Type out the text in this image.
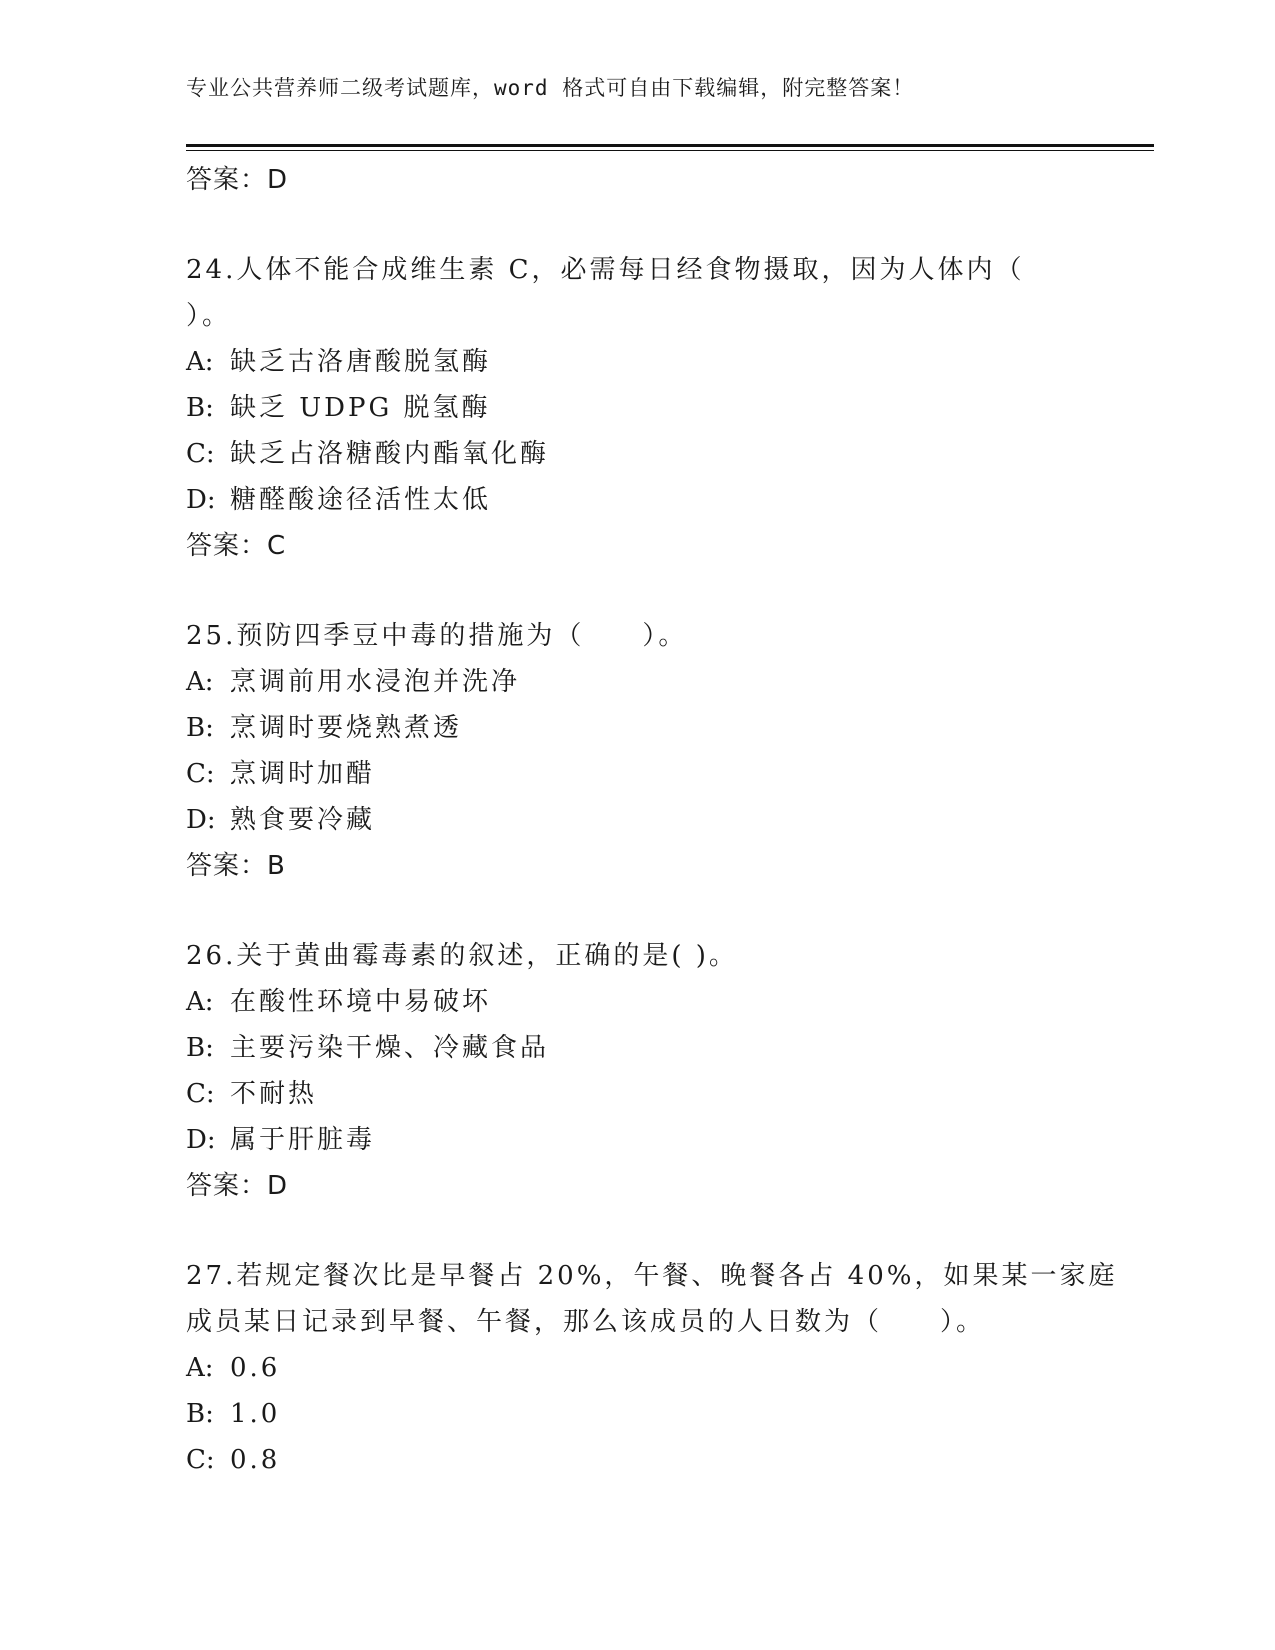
专业公共营养师二级考试题库，word 格式可自由下载编辑，附完整答案！
答案：D
24.人体不能合成维生素 C，必需每日经食物摄取，因为人体内（
）。
A: 缺乏古洛唐酸脱氢酶
B: 缺乏 UDPG 脱氢酶
C: 缺乏占洛糖酸内酯氧化酶
D: 糖醛酸途径活性太低
答案：C
25.预防四季豆中毒的措施为（　　）。
A: 烹调前用水浸泡并洗净
B: 烹调时要烧熟煮透
C: 烹调时加醋
D: 熟食要冷藏
答案：B
26.关于黄曲霉毒素的叙述，正确的是( )。
A: 在酸性环境中易破坏
B: 主要污染干燥、冷藏食品
C: 不耐热
D: 属于肝脏毒
答案：D
27.若规定餐次比是早餐占 20%，午餐、晚餐各占 40%，如果某一家庭
成员某日记录到早餐、午餐，那么该成员的人日数为（　　）。
A: 0.6
B: 1.0
C: 0.8
